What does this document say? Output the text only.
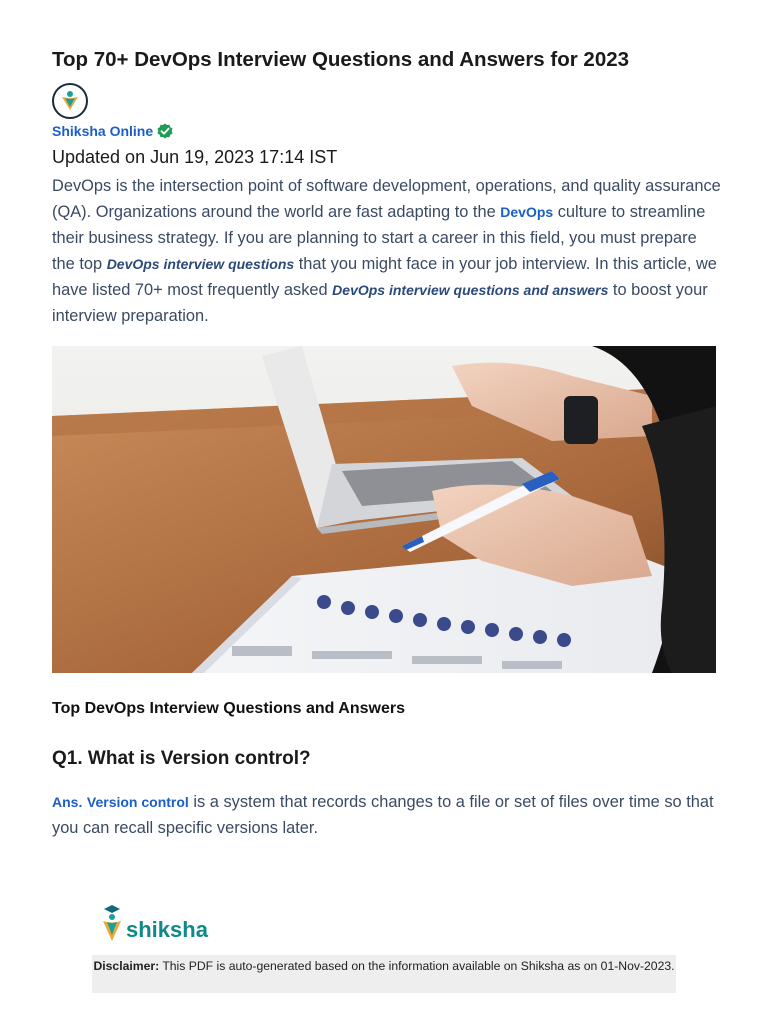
Top 70+ DevOps Interview Questions and Answers for 2023
Shiksha Online
Updated on Jun 19, 2023 17:14 IST
DevOps is the intersection point of software development, operations, and quality assurance (QA). Organizations around the world are fast adapting to the DevOps culture to streamline their business strategy. If you are planning to start a career in this field, you must prepare the top DevOps interview questions that you might face in your job interview. In this article, we have listed 70+ most frequently asked DevOps interview questions and answers to boost your interview preparation.
Top DevOps Interview Questions and Answers
Q1. What is Version control?
Ans. Version control is a system that records changes to a file or set of files over time so that you can recall specific versions later.
shiksha
Disclaimer: This PDF is auto-generated based on the information available on Shiksha as on 01-Nov-2023.
